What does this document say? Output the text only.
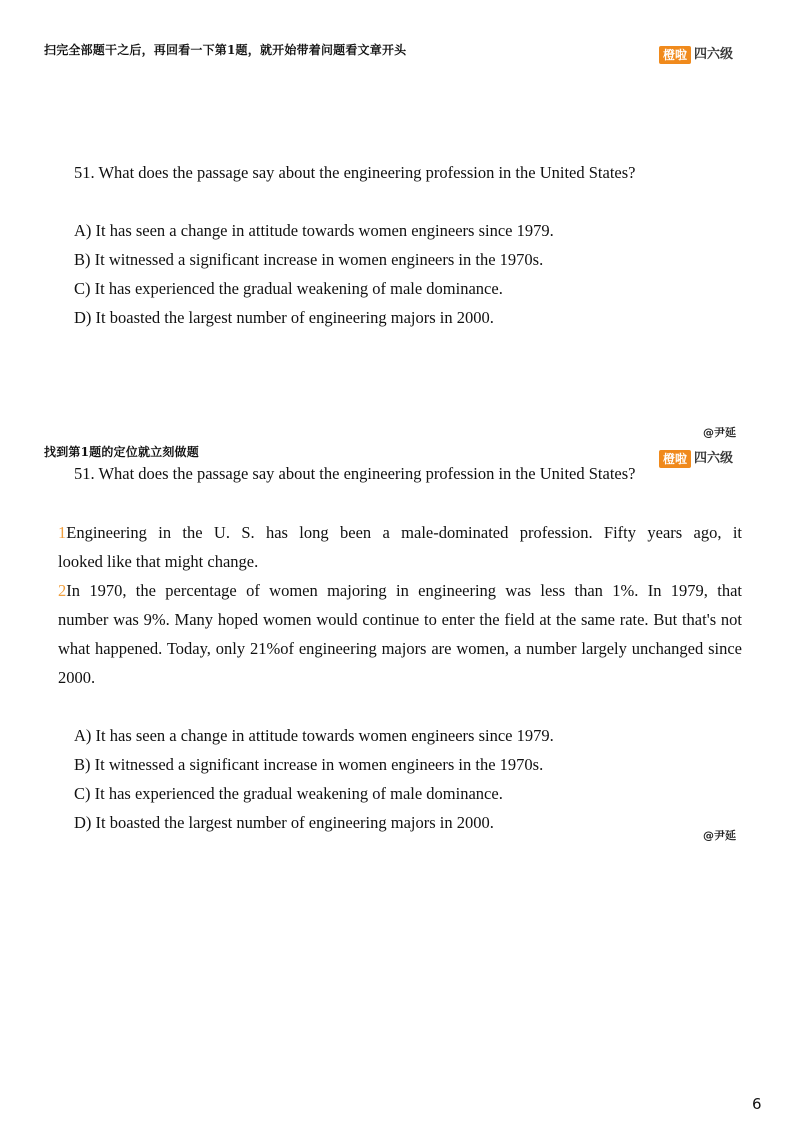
扫完全部题干之后，再回看一下第1题，就开始带着问题看文章开头	橙啦 四六级
51. What does the passage say about the engineering profession in the United States?
A) It has seen a change in attitude towards women engineers since 1979.
B) It witnessed a significant increase in women engineers in the 1970s.
C) It has experienced the gradual weakening of male dominance.
D) It boasted the largest number of engineering majors in 2000.
@尹延
找到第1题的定位就立刻做题	橙啦 四六级
51. What does the passage say about the engineering profession in the United States?

1Engineering in the U. S. has long been a male-dominated profession. Fifty years ago, it

looked like that might change.

2In 1970, the percentage of women majoring in engineering was less than 1%. In 1979, that

number was 9%. Many hoped women would continue to enter the field at the same rate. But that's not what happened. Today, only 21%of engineering majors are women, a number largely unchanged since 2000.

A) It has seen a change in attitude towards women engineers since 1979.
B) It witnessed a significant increase in women engineers in the 1970s.
C) It has experienced the gradual weakening of male dominance.
D) It boasted the largest number of engineering majors in 2000.
@尹延
6
